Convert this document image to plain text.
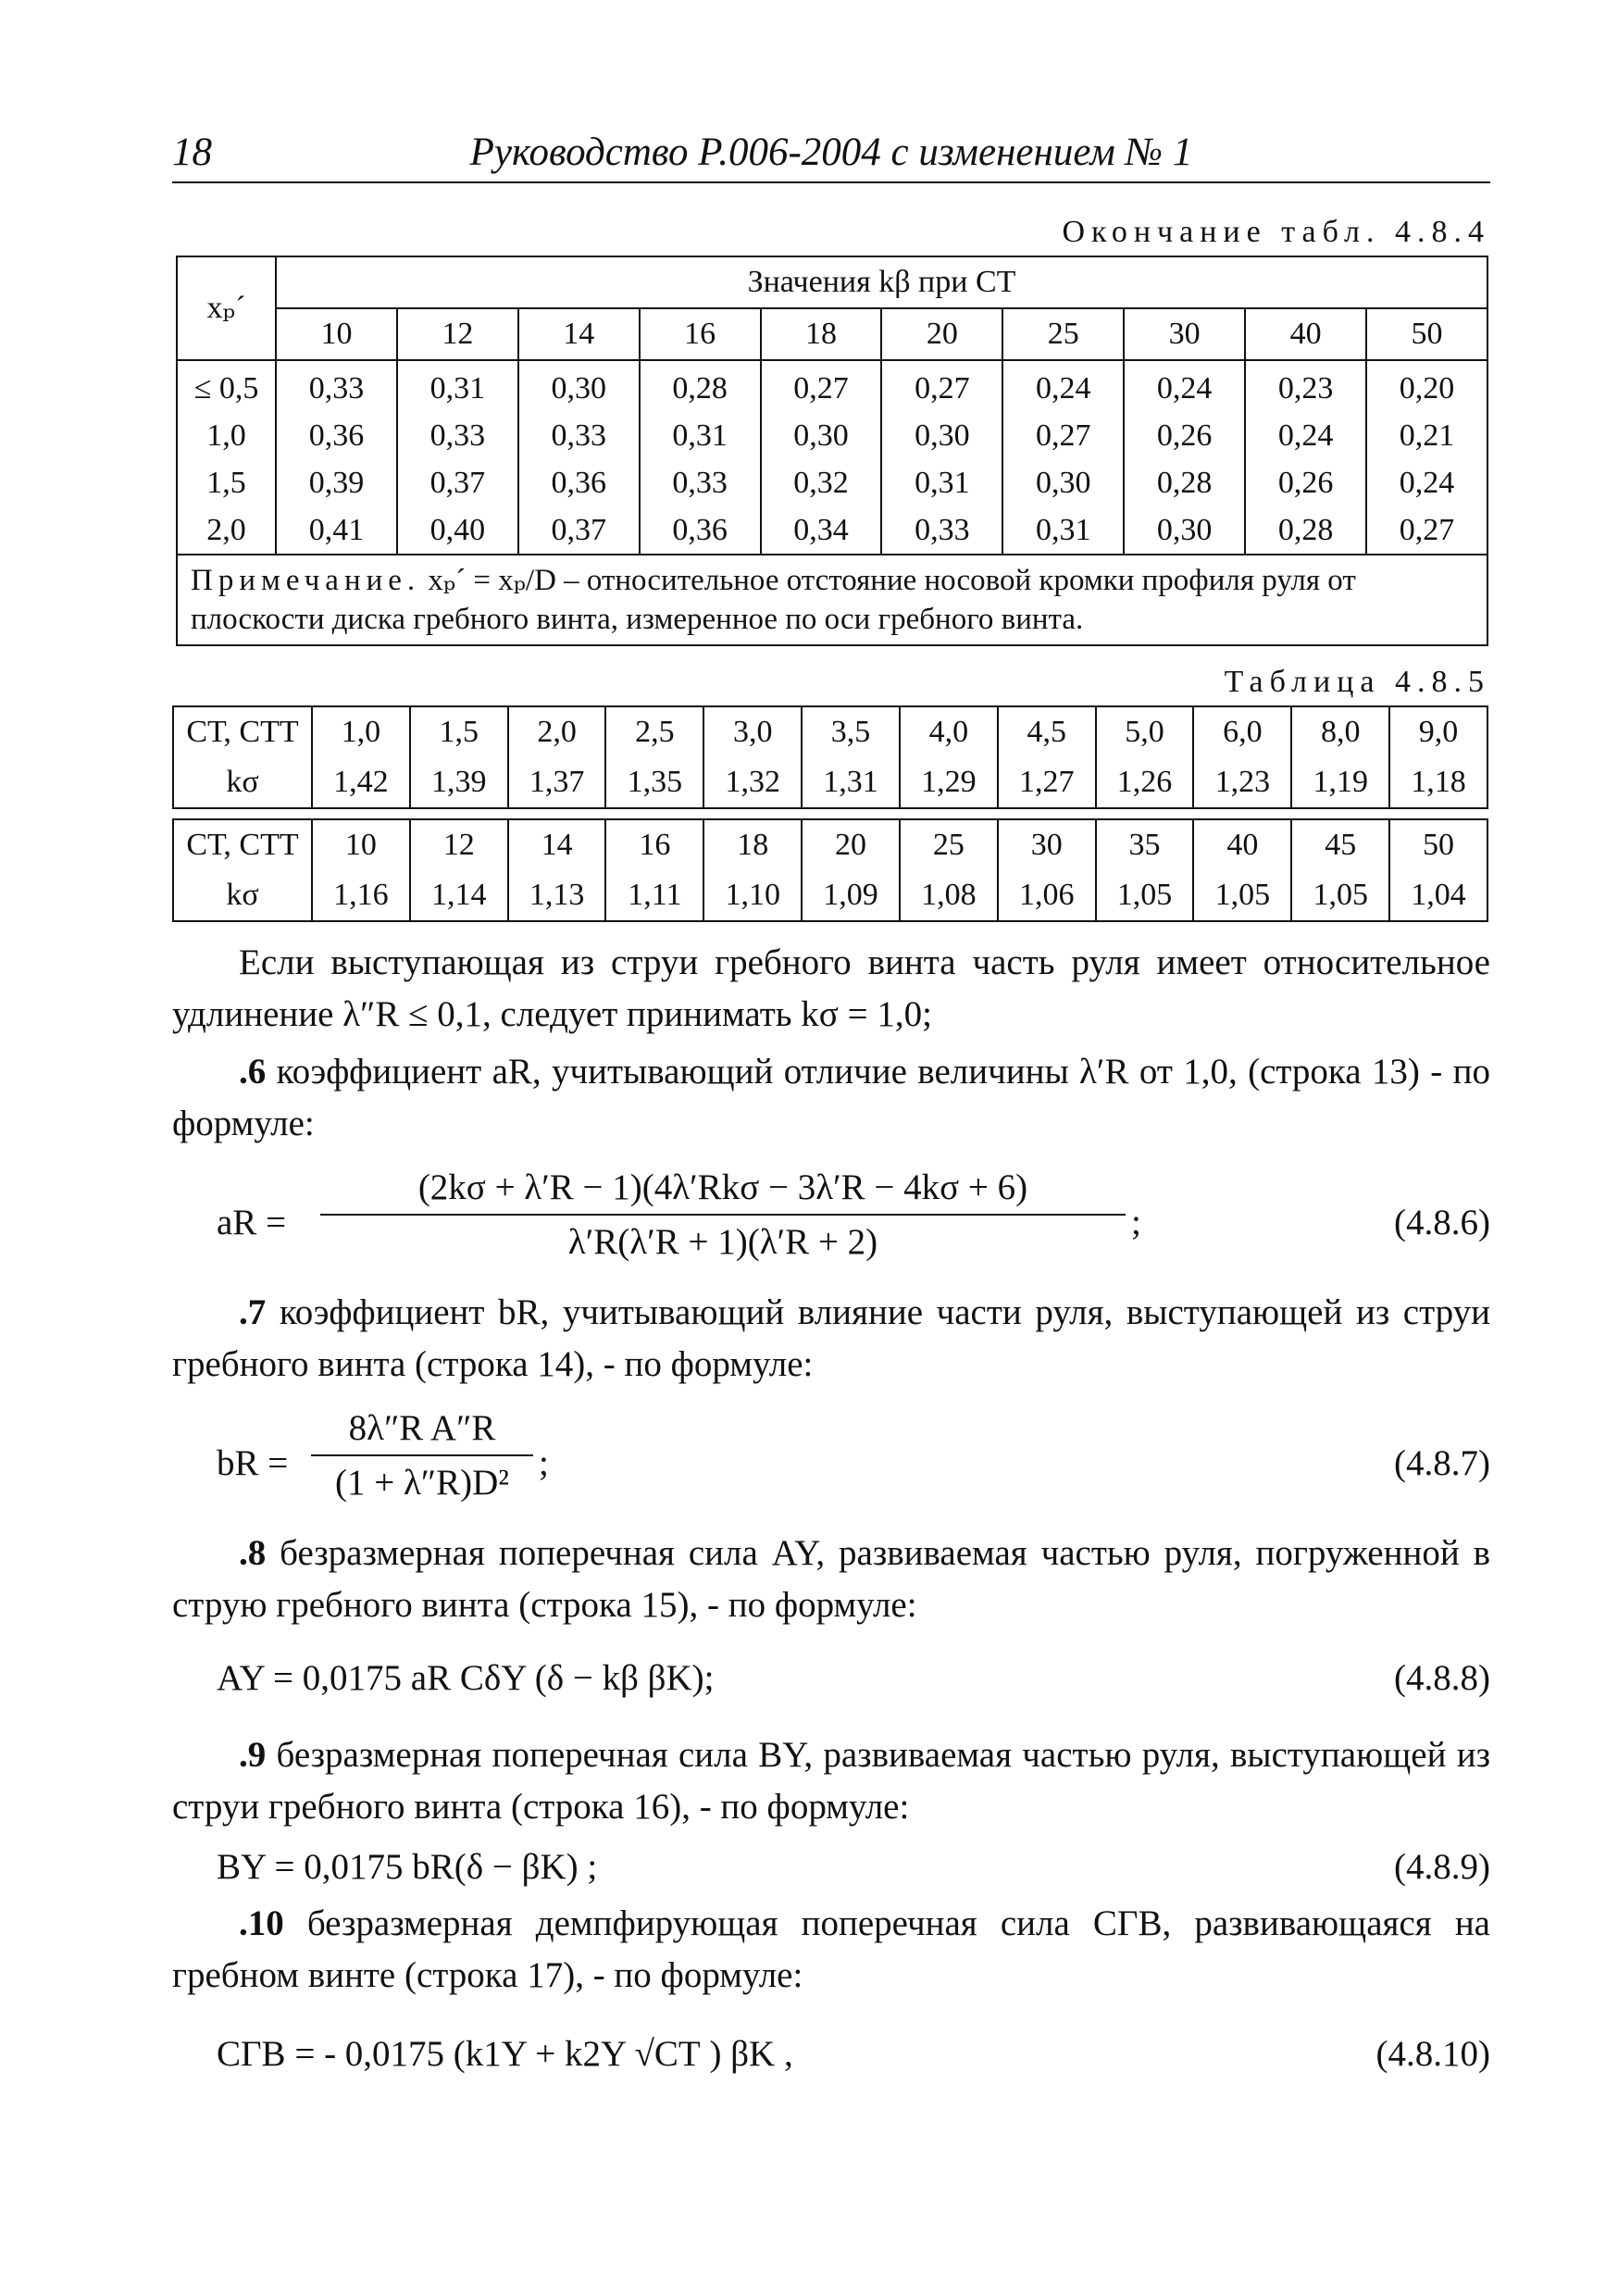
18	Руководство Р.006-2004 с изменением № 1
Окончание табл. 4.8.4
xₚ´	Значения kβ при CТ									
	10	12	14	16	18	20	25	30	40	50
≤ 0,5	0,33	0,31	0,30	0,28	0,27	0,27	0,24	0,24	0,23	0,20
1,0	0,36	0,33	0,33	0,31	0,30	0,30	0,27	0,26	0,24	0,21
1,5	0,39	0,37	0,36	0,33	0,32	0,31	0,30	0,28	0,26	0,24
2,0	0,41	0,40	0,37	0,36	0,34	0,33	0,31	0,30	0,28	0,27
Примечание. xₚ´ = xₚ/D – относительное отстояние носовой кромки профиля руля от плоскости диска гребного винта, измеренное по оси гребного винта.										
Таблица 4.8.5
CТ, CТТ	1,0	1,5	2,0	2,5	3,0	3,5	4,0	4,5	5,0	6,0	8,0	9,0
kσ	1,42	1,39	1,37	1,35	1,32	1,31	1,29	1,27	1,26	1,23	1,19	1,18

CТ, CТТ	10	12	14	16	18	20	25	30	35	40	45	50
kσ	1,16	1,14	1,13	1,11	1,10	1,09	1,08	1,06	1,05	1,05	1,05	1,04
Если выступающая из струи гребного винта часть руля имеет относительное удлинение λ″R ≤ 0,1, следует принимать kσ = 1,0;
.6 коэффициент aR, учитывающий отличие величины λ′R от 1,0, (строка 13) - по формуле:
aR =
(2kσ + λ′R − 1)(4λ′Rkσ − 3λ′R − 4kσ + 6)
λ′R(λ′R + 1)(λ′R + 2)	;	(4.8.6)
.7 коэффициент bR, учитывающий влияние части руля, выступающей из струи гребного винта (строка 14), - по формуле:
bR = $\frac{\text{8λ″R A″R}}{\text{(1 + λ″R)D²}}$ ;	(4.8.7)
.8 безразмерная поперечная сила AY, развиваемая частью руля, погруженной в струю гребного винта (строка 15), - по формуле:
AY = 0,0175 aR CδY (δ − kβ βK);	(4.8.8)
.9 безразмерная поперечная сила BY, развиваемая частью руля, выступающей из струи гребного винта (строка 16), - по формуле:
BY = 0,0175 bR(δ − βK) ;	(4.8.9)
.10 безразмерная демпфирующая поперечная сила CГВ, развивающаяся на гребном винте (строка 17), - по формуле:
CГВ = - 0,0175 (k1Y + k2Y √CТ ) βK ,	(4.8.10)
